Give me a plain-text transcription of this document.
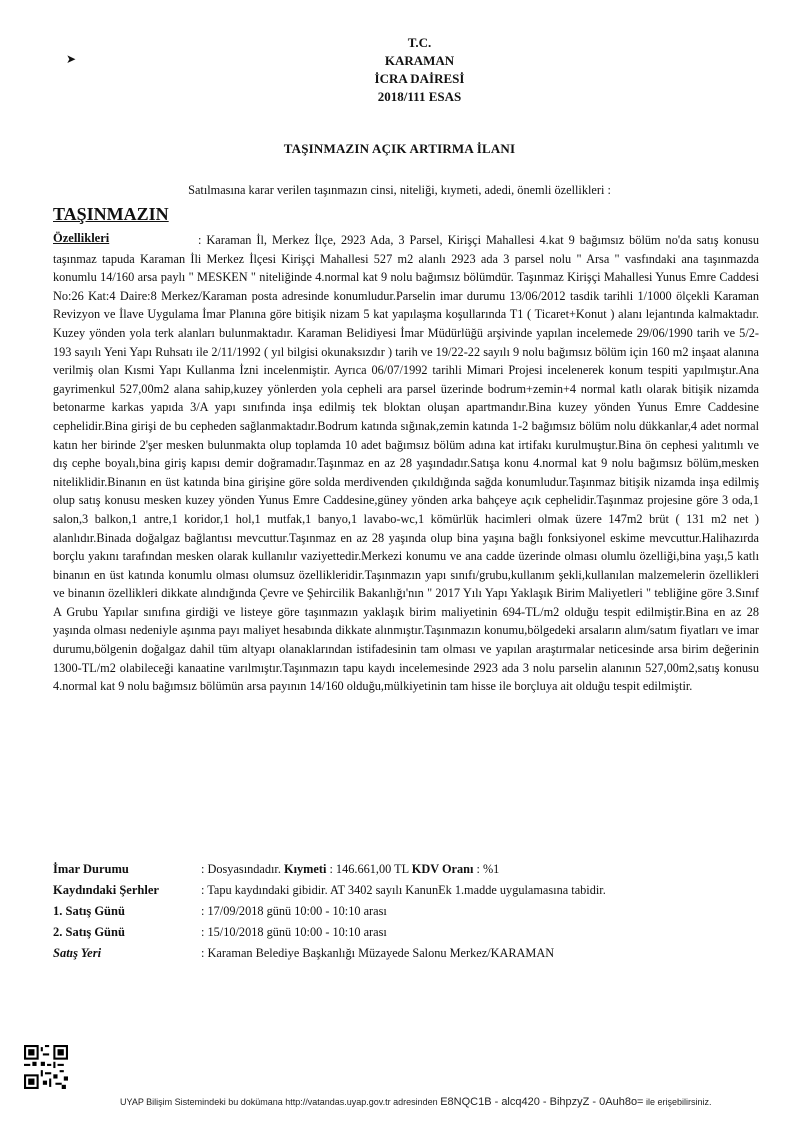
➤
T.C.
KARAMAN
İCRA DAİRESİ
2018/111 ESAS
TAŞINMAZIN AÇIK ARTIRMA İLANI
Satılmasına karar verilen taşınmazın cinsi, niteliği, kıymeti, adedi, önemli özellikleri :
TAŞINMAZIN
Özellikleri	: Karaman İl, Merkez İlçe, 2923 Ada, 3 Parsel, Kirişçi Mahallesi 4.kat 9 bağımsız bölüm no'da satış konusu taşınmaz tapuda Karaman İli Merkez İlçesi Kirişçi Mahallesi 527 m2 alanlı 2923 ada 3 parsel nolu " Arsa " vasfındaki ana taşınmazda konumlu 14/160 arsa paylı " MESKEN " niteliğinde 4.normal kat 9 nolu bağımsız bölümdür. Taşınmaz Kirişçi Mahallesi Yunus Emre Caddesi No:26 Kat:4 Daire:8 Merkez/Karaman posta adresinde konumludur.Parselin imar durumu 13/06/2012 tasdik tarihli 1/1000 ölçekli Karaman Revizyon ve İlave Uygulama İmar Planına göre bitişik nizam 5 kat yapılaşma koşullarında T1 ( Ticaret+Konut ) alanı lejantında kalmaktadır. Kuzey yönden yola terk alanları bulunmaktadır. Karaman Belidiyesi İmar Müdürlüğü arşivinde yapılan incelemede 29/06/1990 tarih ve 5/2-193 sayılı Yeni Yapı Ruhsatı ile 2/11/1992 ( yıl bilgisi okunaksızdır ) tarih ve 19/22-22 sayılı 9 nolu bağımsız bölüm için 160 m2 inşaat alanına verilmiş olan Kısmi Yapı Kullanma İzni incelenmiştir. Ayrıca 06/07/1992 tarihli Mimari Projesi incelenerek konum tespiti yapılmıştır.Ana gayrimenkul 527,00m2 alana sahip,kuzey yönlerden yola cepheli ara parsel üzerinde bodrum+zemin+4 normal katlı olarak bitişik nizamda betonarme karkas yapıda 3/A yapı sınıfında inşa edilmiş tek bloktan oluşan apartmandır.Bina kuzey yönden Yunus Emre Caddesine cephelidir.Bina girişi de bu cepheden sağlanmaktadır.Bodrum katında sığınak,zemin katında 1-2 bağımsız bölüm nolu dükkanlar,4 adet normal katın her birinde 2'şer mesken bulunmakta olup toplamda 10 adet bağımsız bölüm adına kat irtifakı kurulmuştur.Bina ön cephesi yalıtımlı ve dış cephe boyalı,bina giriş kapısı demir doğramadır.Taşınmaz en az 28 yaşındadır.Satışa konu 4.normal kat 9 nolu bağımsız bölüm,mesken niteliklidir.Binanın en üst katında bina girişine göre solda merdivenden çıkıldığında sağda konumludur.Taşınmaz bitişik nizamda inşa edilmiş olup satış konusu mesken kuzey yönden Yunus Emre Caddesine,güney yönden arka bahçeye açık cephelidir.Taşınmaz projesine göre 3 oda,1 salon,3 balkon,1 antre,1 koridor,1 hol,1 mutfak,1 banyo,1 lavabo-wc,1 kömürlük hacimleri olmak üzere 147m2 brüt ( 131 m2 net ) alanlıdır.Binada doğalgaz bağlantısı mevcuttur.Taşınmaz en az 28 yaşında olup bina yaşına bağlı fonksiyonel eskime mevcuttur.Halihazırda borçlu yakını tarafından mesken olarak kullanılır vaziyettedir.Merkezi konumu ve ana cadde üzerinde olması olumlu özelliği,bina yaşı,5 katlı binanın en üst katında konumlu olması olumsuz özellikleridir.Taşınmazın yapı sınıfı/grubu,kullanım şekli,kullanılan malzemelerin özellikleri ve binanın özellikleri dikkate alındığında Çevre ve Şehircilik Bakanlığı'nın " 2017 Yılı Yapı Yaklaşık Birim Maliyetleri " tebliğine göre 3.Sınıf A Grubu Yapılar sınıfına girdiği ve listeye göre taşınmazın yaklaşık birim maliyetinin 694-TL/m2 olduğu tespit edilmiştir.Bina en az 28 yaşında olması nedeniyle aşınma payı maliyet hesabında dikkate alınmıştır.Taşınmazın konumu,bölgedeki arsaların alım/satım fiyatları ve imar durumu,bölgenin doğalgaz dahil tüm altyapı olanaklarından istifadesinin tam olması ve yapılan araştırmalar neticesinde arsa birim değerinin 1300-TL/m2 olabileceği kanaatine varılmıştır.Taşınmazın tapu kaydı incelemesinde 2923 ada 3 nolu parselin alanının 527,00m2,satış konusu 4.normal kat 9 nolu bağımsız bölümün arsa payının 14/160 olduğu,mülkiyetinin tam hisse ile borçluya ait olduğu tespit edilmiştir.
İmar Durumu	: Dosyasındadır. Kıymeti : 146.661,00 TL KDV Oranı : %1
Kaydındaki Şerhler	: Tapu kaydındaki gibidir. AT 3402 sayılı KanunEk 1.madde uygulamasına tabidir.
1. Satış Günü	: 17/09/2018 günü 10:00 - 10:10 arası
2. Satış Günü	: 15/10/2018 günü 10:00 - 10:10 arası
Satış Yeri	: Karaman Belediye Başkanlığı Müzayede Salonu Merkez/KARAMAN
UYAP Bilişim Sistemindeki bu dokümana http://vatandas.uyap.gov.tr adresinden E8NQC1B - alcq420 - BihpzyZ - 0Auh8o= ile erişebilirsiniz.
